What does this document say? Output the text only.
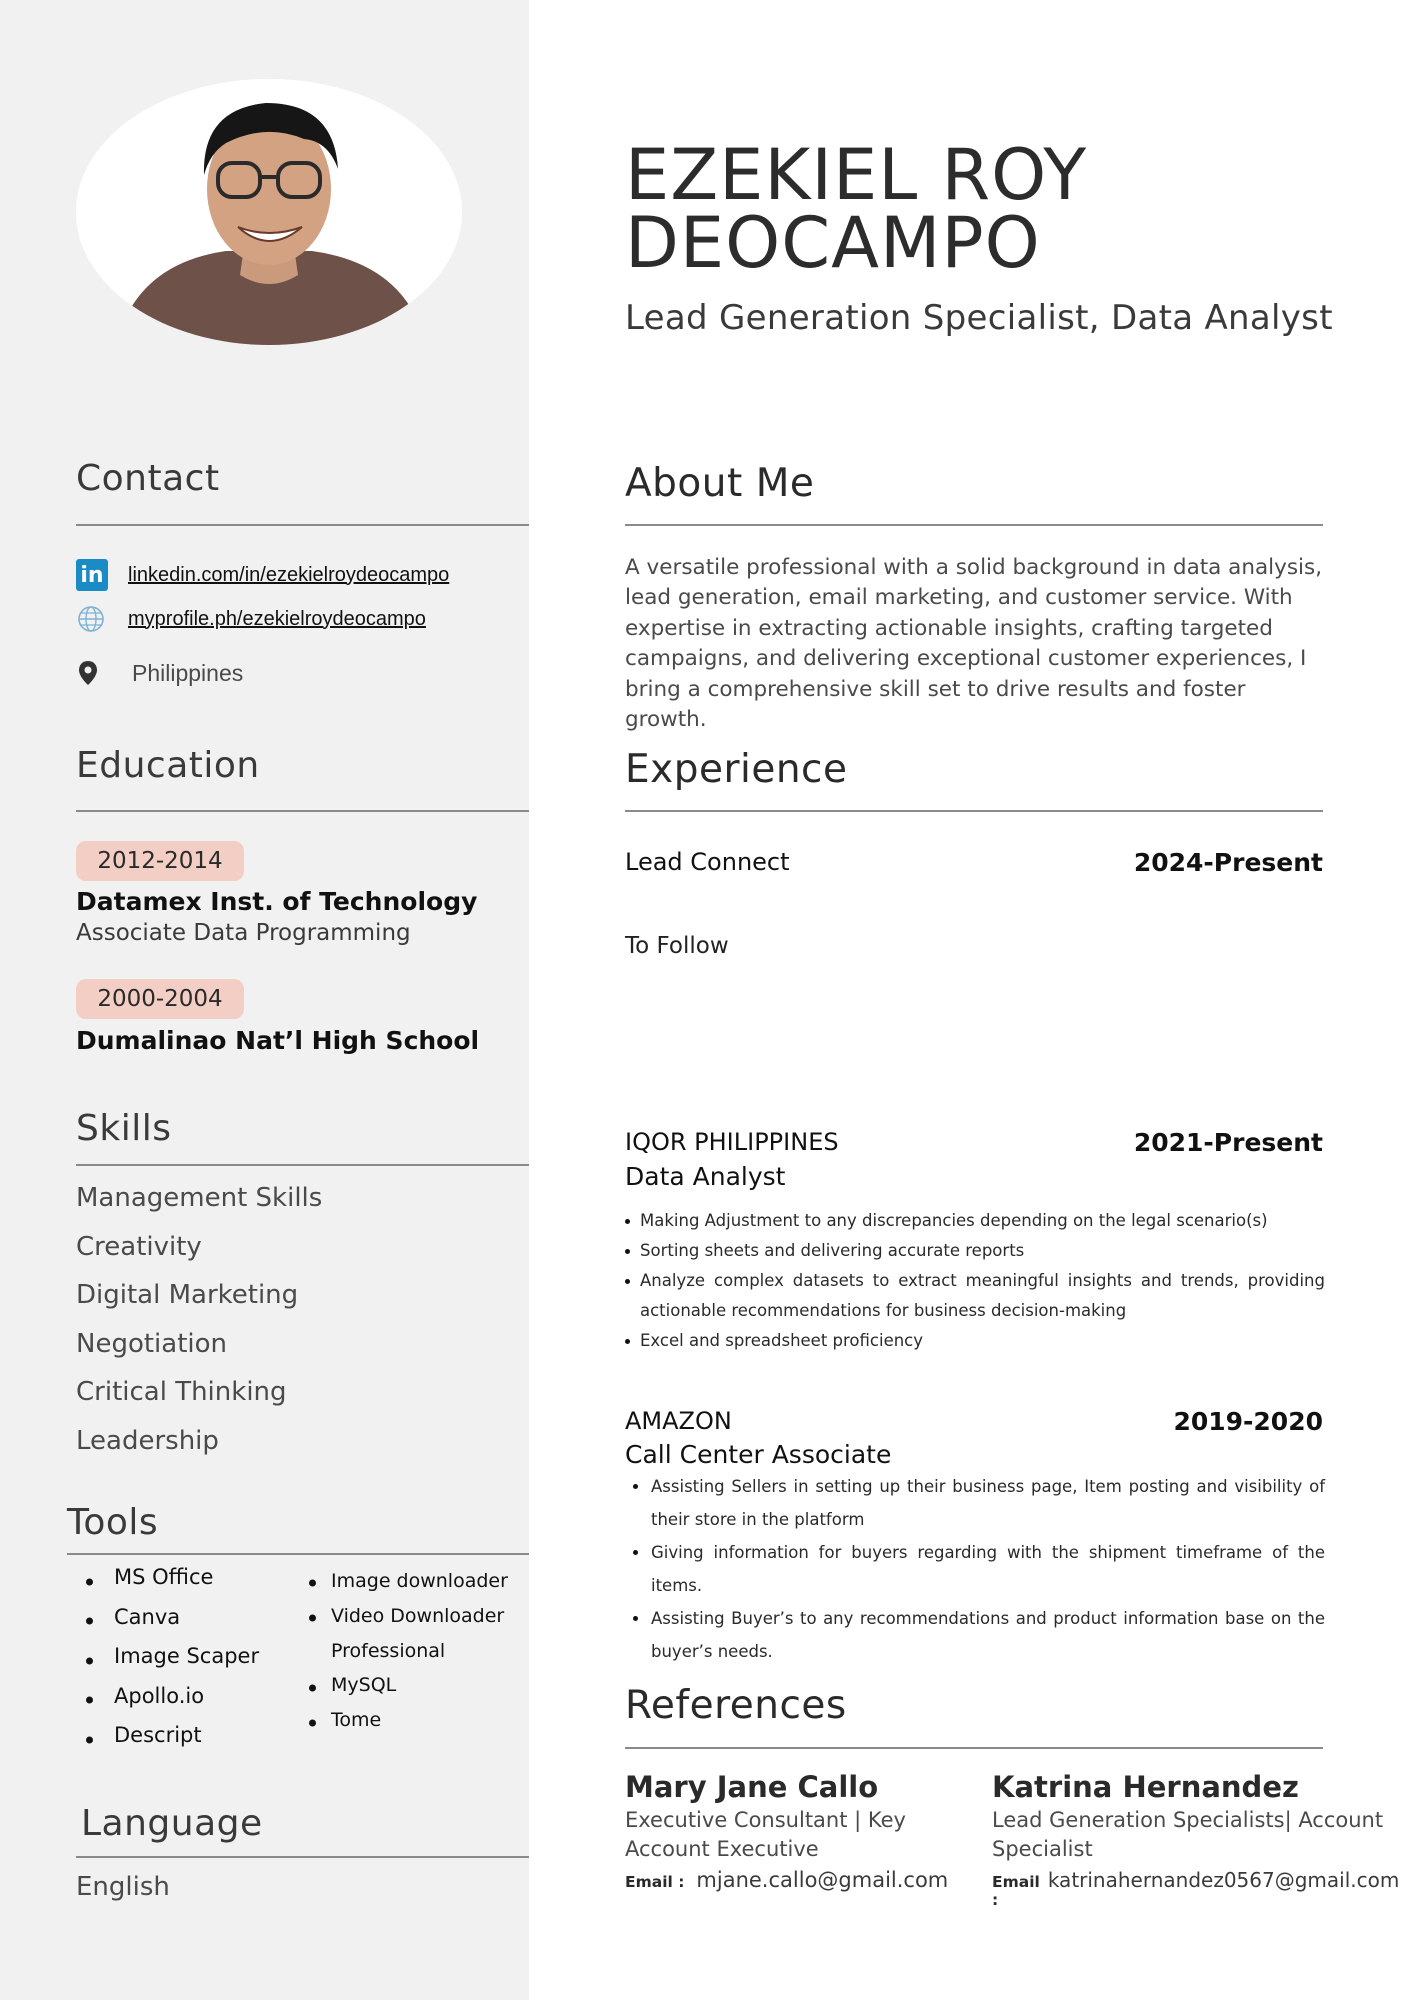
Contact
in linkedin.com/in/ezekielroydeocampo
myprofile.ph/ezekielroydeocampo
Philippines
Education
2012-2014
Datamex Inst. of Technology
Associate Data Programming
2000-2004
Dumalinao Nat’l High School
Skills
Management Skills
Creativity
Digital Marketing
Negotiation
Critical Thinking
Leadership
Tools
MS Office
Canva
Image Scaper
Apollo.io
Descript
Image downloader
Video Downloader
Professional
MySQL
Tome
Language
English
EZEKIEL ROY
DEOCAMPO
Lead Generation Specialist, Data Analyst
About Me
A versatile professional with a solid background in data analysis, lead generation, email marketing, and customer service. With expertise in extracting actionable insights, crafting targeted campaigns, and delivering exceptional customer experiences, I bring a comprehensive skill set to drive results and foster growth.
Experience
Lead Connect	2024-Present
To Follow
IQOR PHILIPPINES	2021-Present
Data Analyst
Making Adjustment to any discrepancies depending on the legal scenario(s)
Sorting sheets and delivering accurate reports
Analyze complex datasets to extract meaningful insights and trends, providing actionable recommendations for business decision-making
Excel and spreadsheet proficiency
AMAZON	2019-2020
Call Center Associate
Assisting Sellers in setting up their business page, Item posting and visibility of their store in the platform
Giving information for buyers regarding with the shipment timeframe of the items.
Assisting Buyer’s to any recommendations and product information base on the buyer’s needs.
References
Mary Jane Callo
Executive Consultant | Key Account Executive
Email : mjane.callo@gmail.com
Katrina Hernandez
Lead Generation Specialists| Account Specialist
Email :
katrinahernandez0567@gmail.com
